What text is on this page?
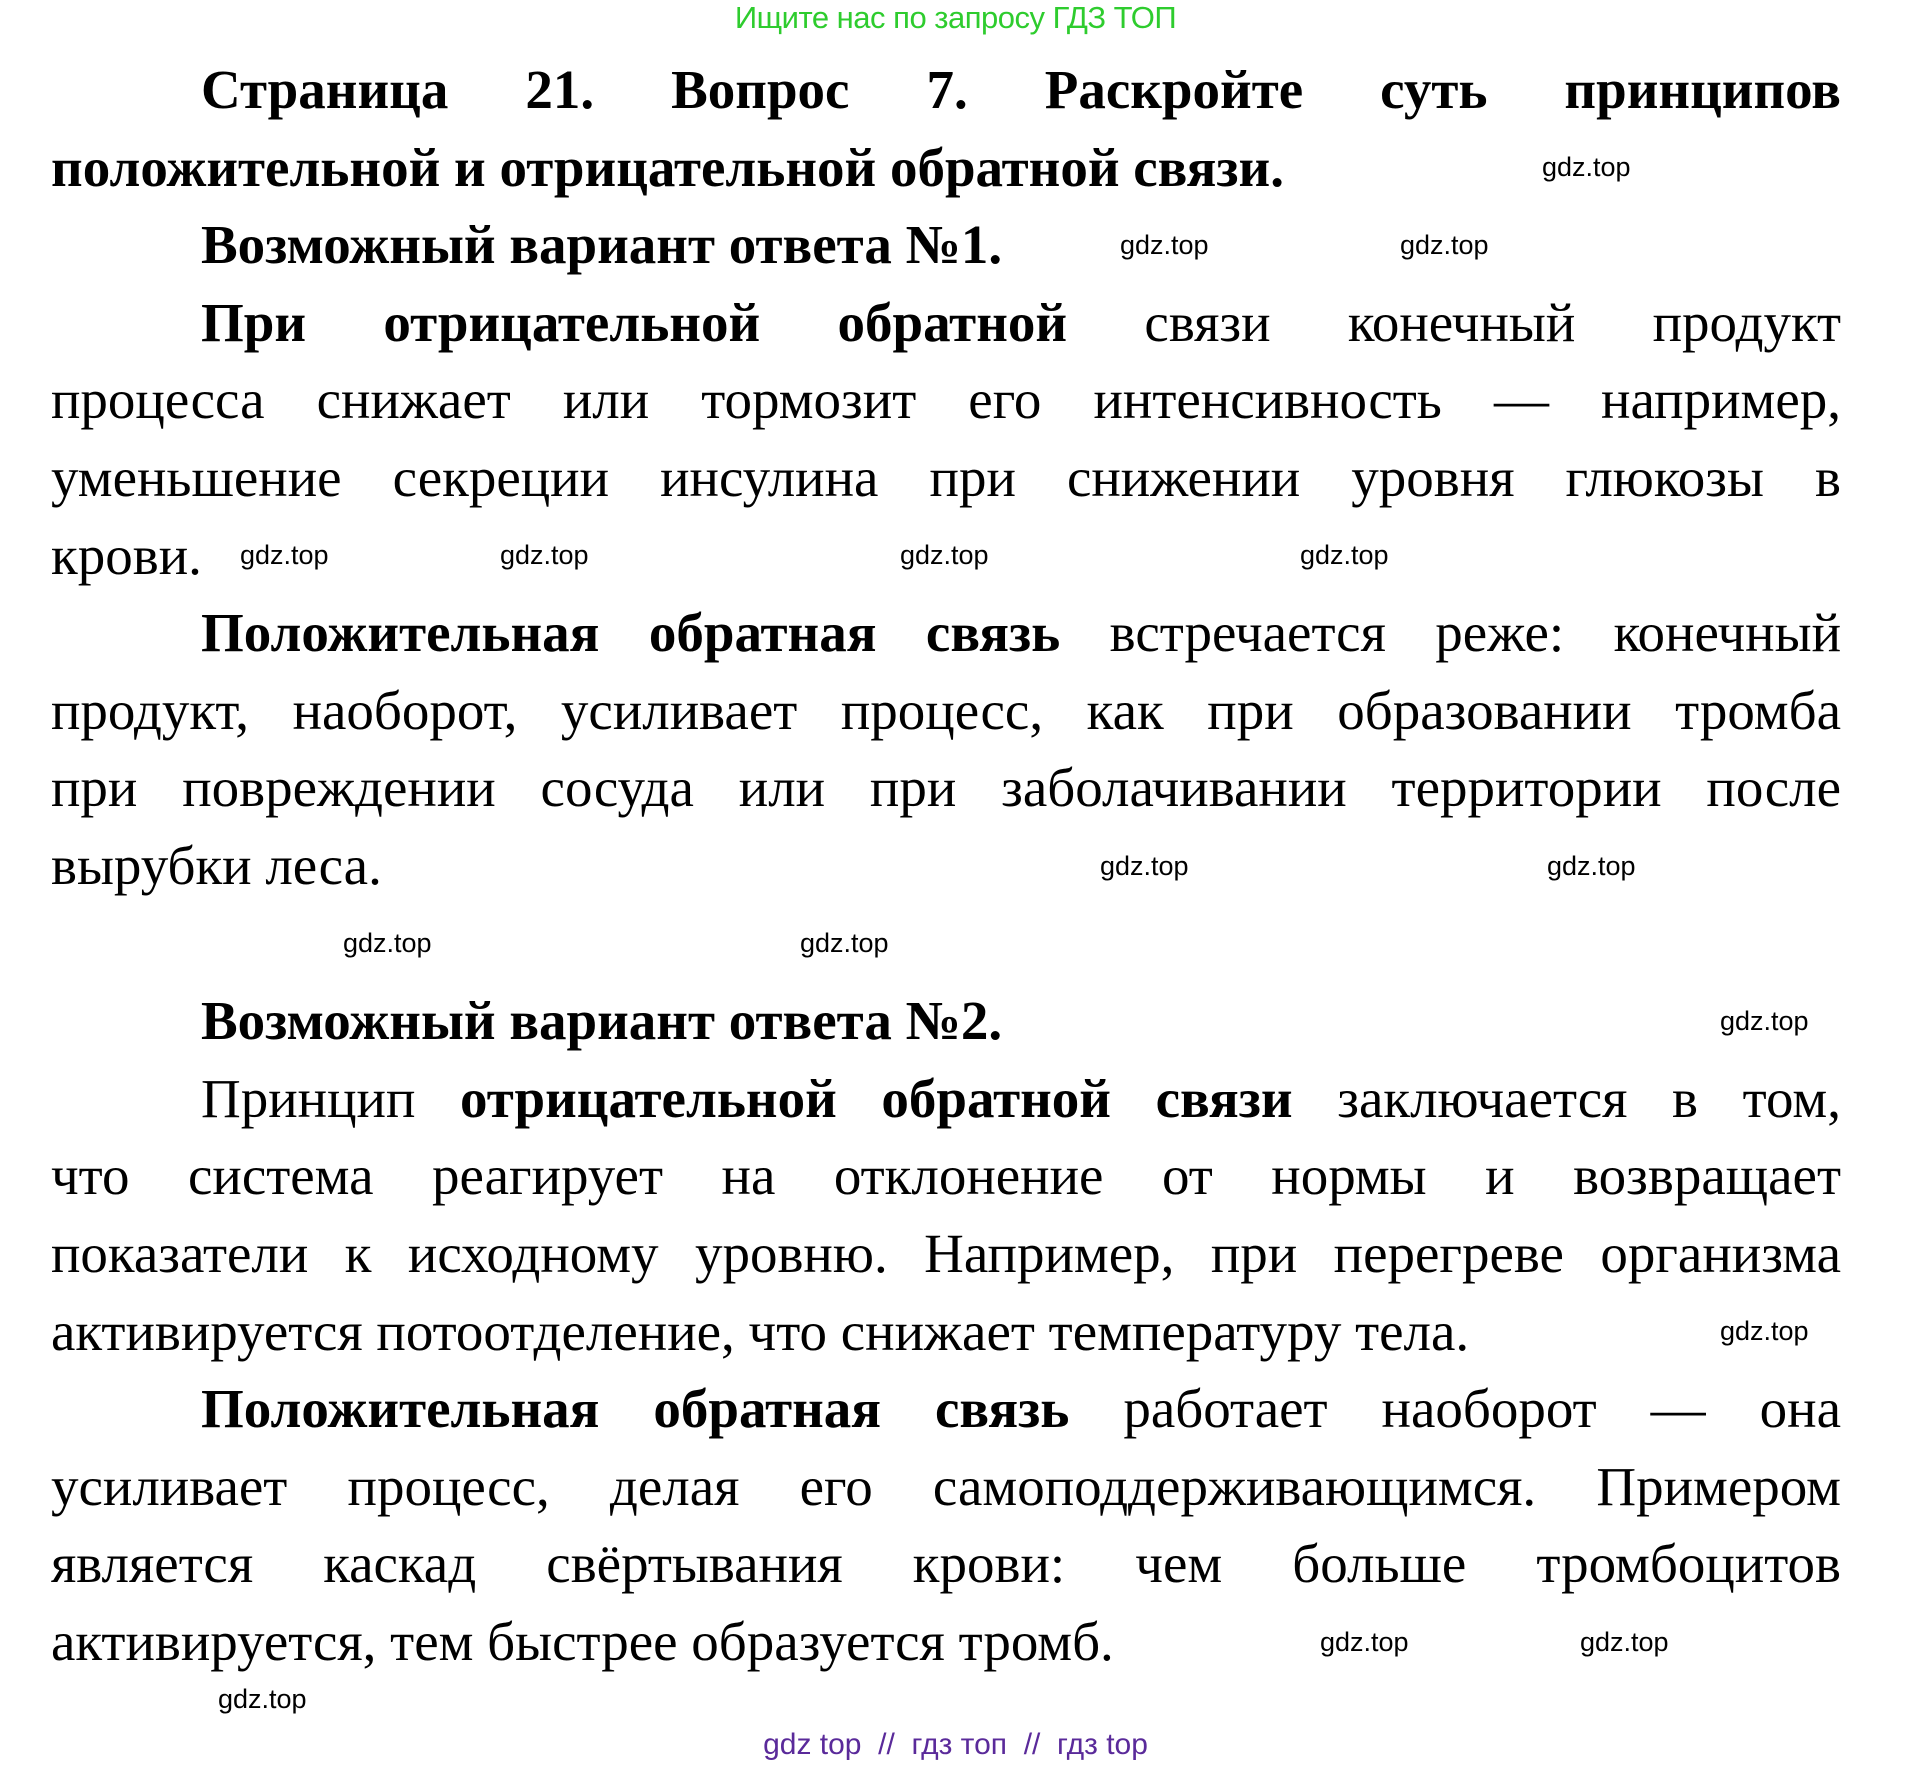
Ищите нас по запросу ГДЗ ТОП
Страница 21. Вопрос 7. Раскройте суть принципов
положительной и отрицательной обратной связи.
Возможный вариант ответа №1.
При отрицательной обратной связи конечный продукт
процесса снижает или тормозит его интенсивность — например,
уменьшение секреции инсулина при снижении уровня глюкозы в
крови.
Положительная обратная связь встречается реже: конечный
продукт, наоборот, усиливает процесс, как при образовании тромба
при повреждении сосуда или при заболачивании территории после
вырубки леса.
Возможный вариант ответа №2.
Принцип отрицательной обратной связи заключается в том,
что система реагирует на отклонение от нормы и возвращает
показатели к исходному уровню. Например, при перегреве организма
активируется потоотделение, что снижает температуру тела.
Положительная обратная связь работает наоборот — она
усиливает процесс, делая его самоподдерживающимся. Примером
является каскад свёртывания крови: чем больше тромбоцитов
активируется, тем быстрее образуется тромб.
gdz.top
gdz.top	gdz.top
gdz.top	gdz.top
gdz.top
gdz.top
gdz.top
gdz.top
gdz.top
gdz.top
gdz.top
gdz.top
gdz.top	gdz.top
gdz.top
gdz top  //  гдз топ  //  гдз top
